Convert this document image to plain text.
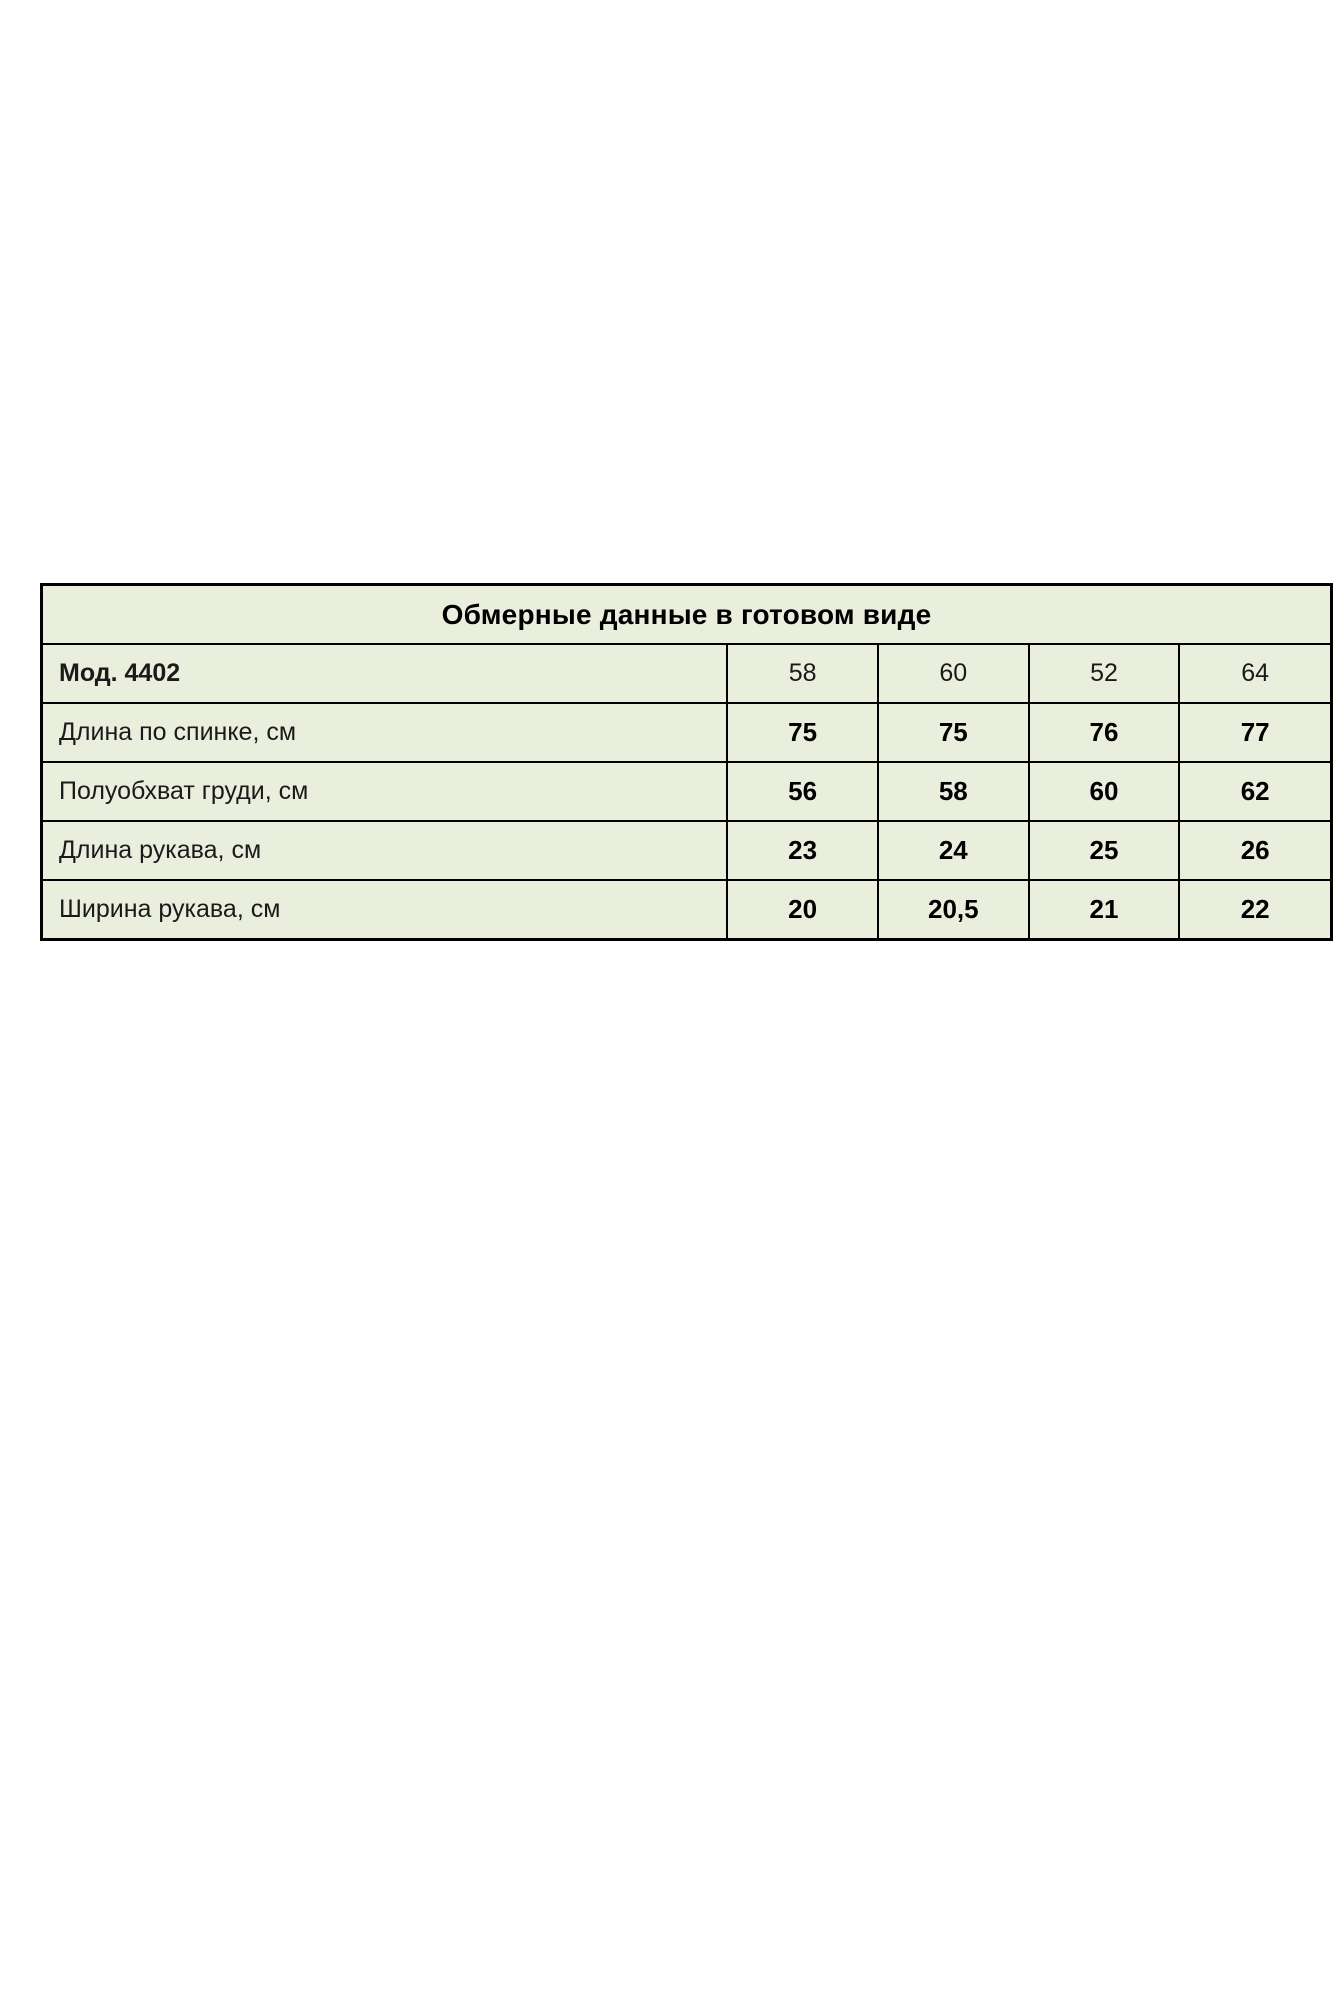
Обмерные данные в готовом виде				
Мод. 4402	58	60	52	64
Длина по спинке, см	75	75	76	77
Полуобхват груди, см	56	58	60	62
Длина рукава, см	23	24	25	26
Ширина рукава, см	20	20,5	21	22
